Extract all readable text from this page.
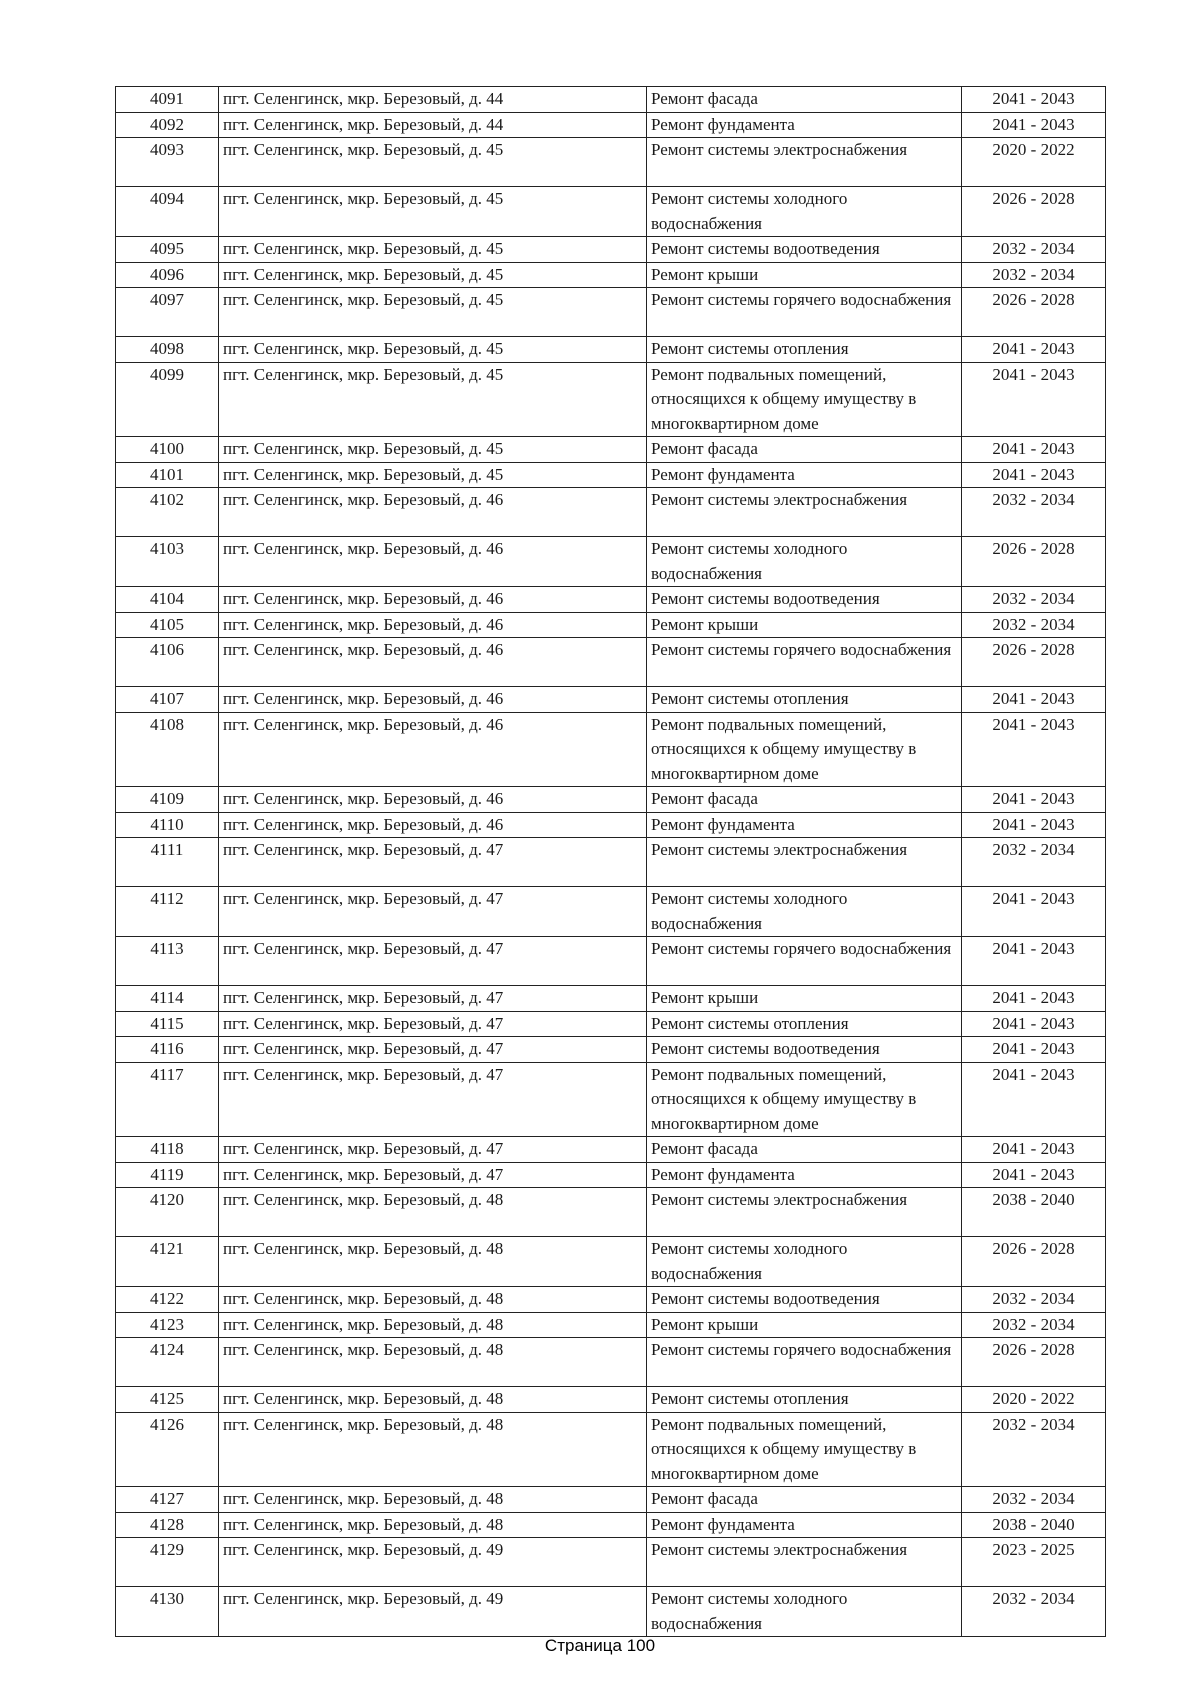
4091	пгт. Селенгинск, мкр. Березовый, д. 44	Ремонт фасада	2041 - 2043
4092	пгт. Селенгинск, мкр. Березовый, д. 44	Ремонт фундамента	2041 - 2043
4093	пгт. Селенгинск, мкр. Березовый, д. 45	Ремонт системы электроснабжения	2020 - 2022
4094	пгт. Селенгинск, мкр. Березовый, д. 45	Ремонт системы холодного водоснабжения	2026 - 2028
4095	пгт. Селенгинск, мкр. Березовый, д. 45	Ремонт системы водоотведения	2032 - 2034
4096	пгт. Селенгинск, мкр. Березовый, д. 45	Ремонт крыши	2032 - 2034
4097	пгт. Селенгинск, мкр. Березовый, д. 45	Ремонт системы горячего водоснабжения	2026 - 2028
4098	пгт. Селенгинск, мкр. Березовый, д. 45	Ремонт системы отопления	2041 - 2043
4099	пгт. Селенгинск, мкр. Березовый, д. 45	Ремонт подвальных помещений, относящихся к общему имуществу в многоквартирном доме	2041 - 2043
4100	пгт. Селенгинск, мкр. Березовый, д. 45	Ремонт фасада	2041 - 2043
4101	пгт. Селенгинск, мкр. Березовый, д. 45	Ремонт фундамента	2041 - 2043
4102	пгт. Селенгинск, мкр. Березовый, д. 46	Ремонт системы электроснабжения	2032 - 2034
4103	пгт. Селенгинск, мкр. Березовый, д. 46	Ремонт системы холодного водоснабжения	2026 - 2028
4104	пгт. Селенгинск, мкр. Березовый, д. 46	Ремонт системы водоотведения	2032 - 2034
4105	пгт. Селенгинск, мкр. Березовый, д. 46	Ремонт крыши	2032 - 2034
4106	пгт. Селенгинск, мкр. Березовый, д. 46	Ремонт системы горячего водоснабжения	2026 - 2028
4107	пгт. Селенгинск, мкр. Березовый, д. 46	Ремонт системы отопления	2041 - 2043
4108	пгт. Селенгинск, мкр. Березовый, д. 46	Ремонт подвальных помещений, относящихся к общему имуществу в многоквартирном доме	2041 - 2043
4109	пгт. Селенгинск, мкр. Березовый, д. 46	Ремонт фасада	2041 - 2043
4110	пгт. Селенгинск, мкр. Березовый, д. 46	Ремонт фундамента	2041 - 2043
4111	пгт. Селенгинск, мкр. Березовый, д. 47	Ремонт системы электроснабжения	2032 - 2034
4112	пгт. Селенгинск, мкр. Березовый, д. 47	Ремонт системы холодного водоснабжения	2041 - 2043
4113	пгт. Селенгинск, мкр. Березовый, д. 47	Ремонт системы горячего водоснабжения	2041 - 2043
4114	пгт. Селенгинск, мкр. Березовый, д. 47	Ремонт крыши	2041 - 2043
4115	пгт. Селенгинск, мкр. Березовый, д. 47	Ремонт системы отопления	2041 - 2043
4116	пгт. Селенгинск, мкр. Березовый, д. 47	Ремонт системы водоотведения	2041 - 2043
4117	пгт. Селенгинск, мкр. Березовый, д. 47	Ремонт подвальных помещений, относящихся к общему имуществу в многоквартирном доме	2041 - 2043
4118	пгт. Селенгинск, мкр. Березовый, д. 47	Ремонт фасада	2041 - 2043
4119	пгт. Селенгинск, мкр. Березовый, д. 47	Ремонт фундамента	2041 - 2043
4120	пгт. Селенгинск, мкр. Березовый, д. 48	Ремонт системы электроснабжения	2038 - 2040
4121	пгт. Селенгинск, мкр. Березовый, д. 48	Ремонт системы холодного водоснабжения	2026 - 2028
4122	пгт. Селенгинск, мкр. Березовый, д. 48	Ремонт системы водоотведения	2032 - 2034
4123	пгт. Селенгинск, мкр. Березовый, д. 48	Ремонт крыши	2032 - 2034
4124	пгт. Селенгинск, мкр. Березовый, д. 48	Ремонт системы горячего водоснабжения	2026 - 2028
4125	пгт. Селенгинск, мкр. Березовый, д. 48	Ремонт системы отопления	2020 - 2022
4126	пгт. Селенгинск, мкр. Березовый, д. 48	Ремонт подвальных помещений, относящихся к общему имуществу в многоквартирном доме	2032 - 2034
4127	пгт. Селенгинск, мкр. Березовый, д. 48	Ремонт фасада	2032 - 2034
4128	пгт. Селенгинск, мкр. Березовый, д. 48	Ремонт фундамента	2038 - 2040
4129	пгт. Селенгинск, мкр. Березовый, д. 49	Ремонт системы электроснабжения	2023 - 2025
4130	пгт. Селенгинск, мкр. Березовый, д. 49	Ремонт системы холодного водоснабжения	2032 - 2034
Страница 100
